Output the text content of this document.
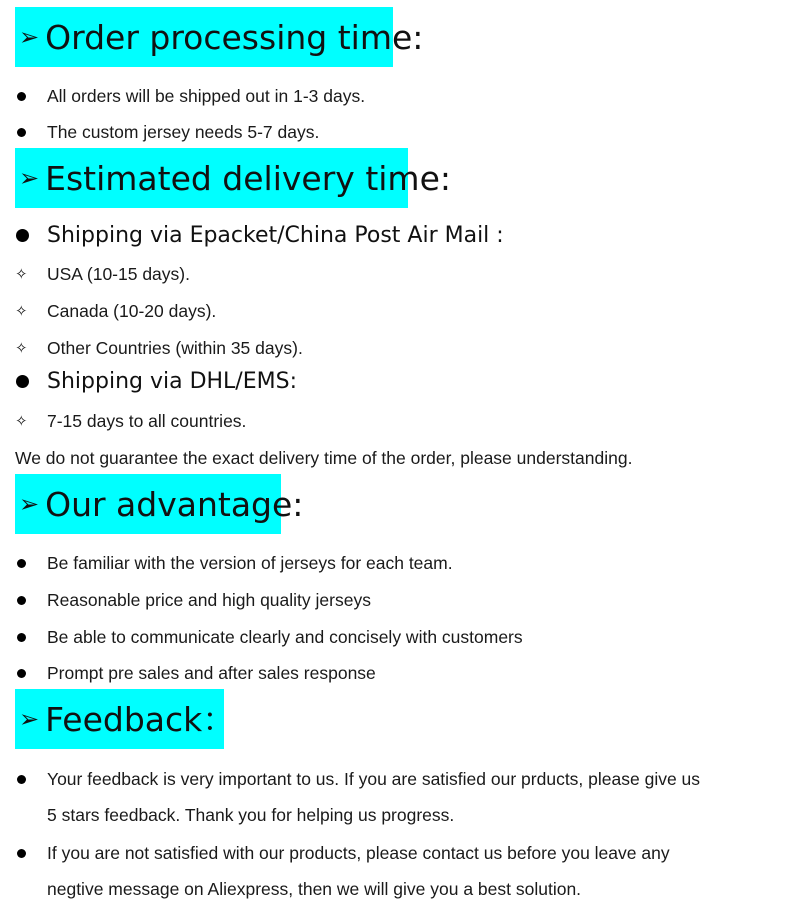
➢ Order processing time:
All orders will be shipped out in 1-3 days.
The custom jersey needs 5-7 days.
➢ Estimated delivery time:
Shipping via Epacket/China Post Air Mail :
✧ USA (10-15 days).
✧ Canada (10-20 days).
✧ Other Countries (within 35 days).
Shipping via DHL/EMS:
✧ 7-15 days to all countries.
We do not guarantee the exact delivery time of the order, please understanding.
➢ Our advantage:
Be familiar with the version of jerseys for each team.
Reasonable price and high quality jerseys
Be able to communicate clearly and concisely with customers
Prompt pre sales and after sales response
➢ Feedback：
Your feedback is very important to us. If you are satisfied our prducts, please give us
5 stars feedback. Thank you for helping us progress.
If you are not satisfied with our products, please contact us before you leave any
negtive message on Aliexpress, then we will give you a best solution.
